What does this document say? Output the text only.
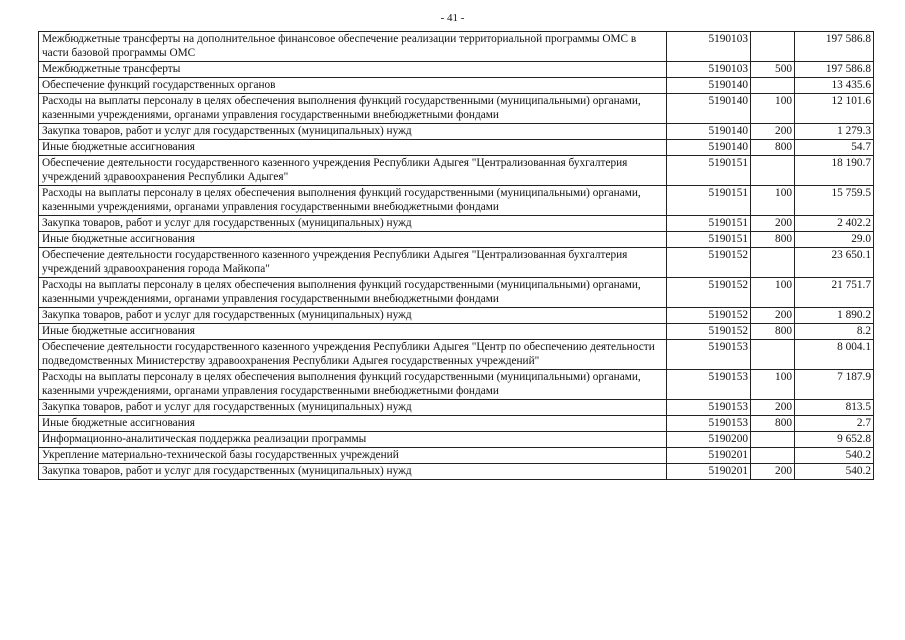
- 41 -
Межбюджетные трансферты на дополнительное финансовое обеспечение реализации территориальной программы ОМС в части базовой программы ОМС	5190103		197 586.8
Межбюджетные трансферты	5190103	500	197 586.8
Обеспечение функций государственных органов	5190140		13 435.6
Расходы на выплаты персоналу в целях обеспечения выполнения функций государственными (муниципальными) органами, казенными учреждениями, органами управления государственными внебюджетными фондами	5190140	100	12 101.6
Закупка товаров, работ и услуг для государственных (муниципальных) нужд	5190140	200	1 279.3
Иные бюджетные ассигнования	5190140	800	54.7
Обеспечение деятельности государственного казенного учреждения Республики Адыгея "Централизованная бухгалтерия учреждений здравоохранения Республики Адыгея"	5190151		18 190.7
Расходы на выплаты персоналу в целях обеспечения выполнения функций государственными (муниципальными) органами, казенными учреждениями, органами управления государственными внебюджетными фондами	5190151	100	15 759.5
Закупка товаров, работ и услуг для государственных (муниципальных) нужд	5190151	200	2 402.2
Иные бюджетные ассигнования	5190151	800	29.0
Обеспечение деятельности государственного казенного учреждения Республики Адыгея "Централизованная бухгалтерия учреждений здравоохранения города Майкопа"	5190152		23 650.1
Расходы на выплаты персоналу в целях обеспечения выполнения функций государственными (муниципальными) органами, казенными учреждениями, органами управления государственными внебюджетными фондами	5190152	100	21 751.7
Закупка товаров, работ и услуг для государственных (муниципальных) нужд	5190152	200	1 890.2
Иные бюджетные ассигнования	5190152	800	8.2
Обеспечение деятельности государственного казенного учреждения Республики Адыгея "Центр по обеспечению деятельности подведомственных Министерству здравоохранения Республики Адыгея государственных учреждений"	5190153		8 004.1
Расходы на выплаты персоналу в целях обеспечения выполнения функций государственными (муниципальными) органами, казенными учреждениями, органами управления государственными внебюджетными фондами	5190153	100	7 187.9
Закупка товаров, работ и услуг для государственных (муниципальных) нужд	5190153	200	813.5
Иные бюджетные ассигнования	5190153	800	2.7
Информационно-аналитическая поддержка реализации программы	5190200		9 652.8
Укрепление материально-технической базы государственных учреждений	5190201		540.2
Закупка товаров, работ и услуг для государственных (муниципальных) нужд	5190201	200	540.2
